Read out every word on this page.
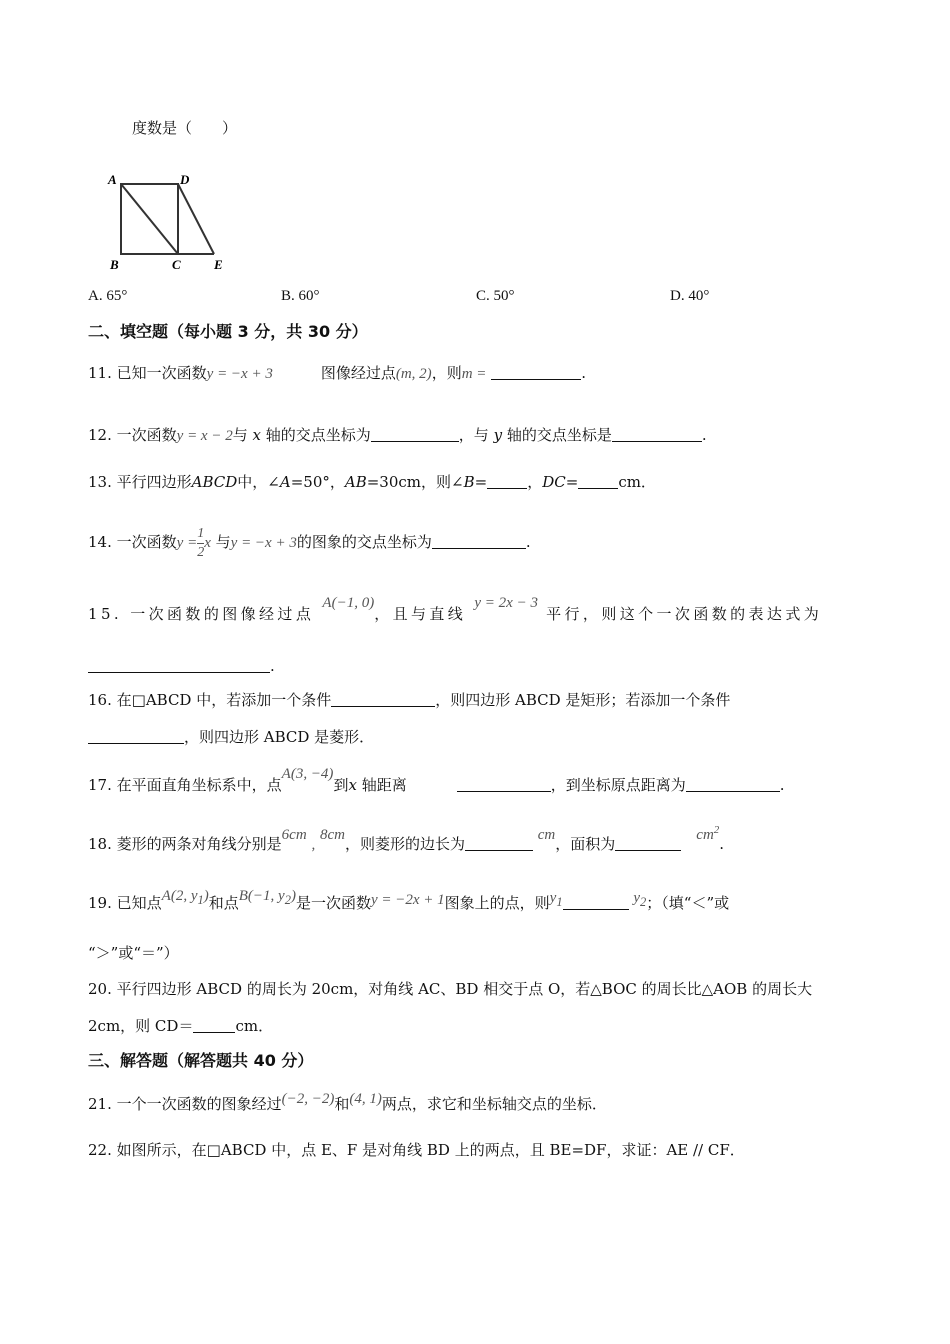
度数是（　　）
A	D
B	C	E
A. 65°	B. 60°	C. 50°	D. 40°
二、填空题（每小题 3 分，共 30 分）
11. 已知一次函数y = −x + 3	图像经过点(m, 2)，则m =	.
12. 一次函数y = x − 2与 x 轴的交点坐标为	，与 y 轴的交点坐标是	.
13. 平行四边形ABCD中，∠A=50°，AB=30cm，则∠B=	，DC=	cm．
14. 一次函数$y = \frac{1}{2}$ x 与y = −x + 3的图象的交点坐标为	.
15. 一次函数的图像经过点 A(−1, 0)，且与直线 y = 2x − 3 平行，则这个一次函数的表达式为
.
16. 在□ABCD 中，若添加一个条件	，则四边形 ABCD 是矩形；若添加一个条件
，则四边形 ABCD 是菱形．
17. 在平面直角坐标系中，点A(3, −4)到x 轴距离	，到坐标原点距离为	.
18. 菱形的两条对角线分别是6cm , 8cm，则菱形的边长为	cm，面积为　	$cm^2$.
19. 已知点A(2, $y_1$)和点B(−1, $y_2$)是一次函数y = −2x + 1图象上的点，则$y_1$	$y_2$；（填“＜”或
“＞”或“＝”）
20. 平行四边形 ABCD 的周长为 20cm，对角线 AC、BD 相交于点 O，若△BOC 的周长比△AOB 的周长大
2cm，则 CD＝	cm．
三、解答题（解答题共 40 分）
21. 一个一次函数的图象经过(−2, −2)和(4, 1)两点，求它和坐标轴交点的坐标．
22. 如图所示，在□ABCD 中，点 E、F 是对角线 BD 上的两点，且 BE=DF，求证：AE // CF．
